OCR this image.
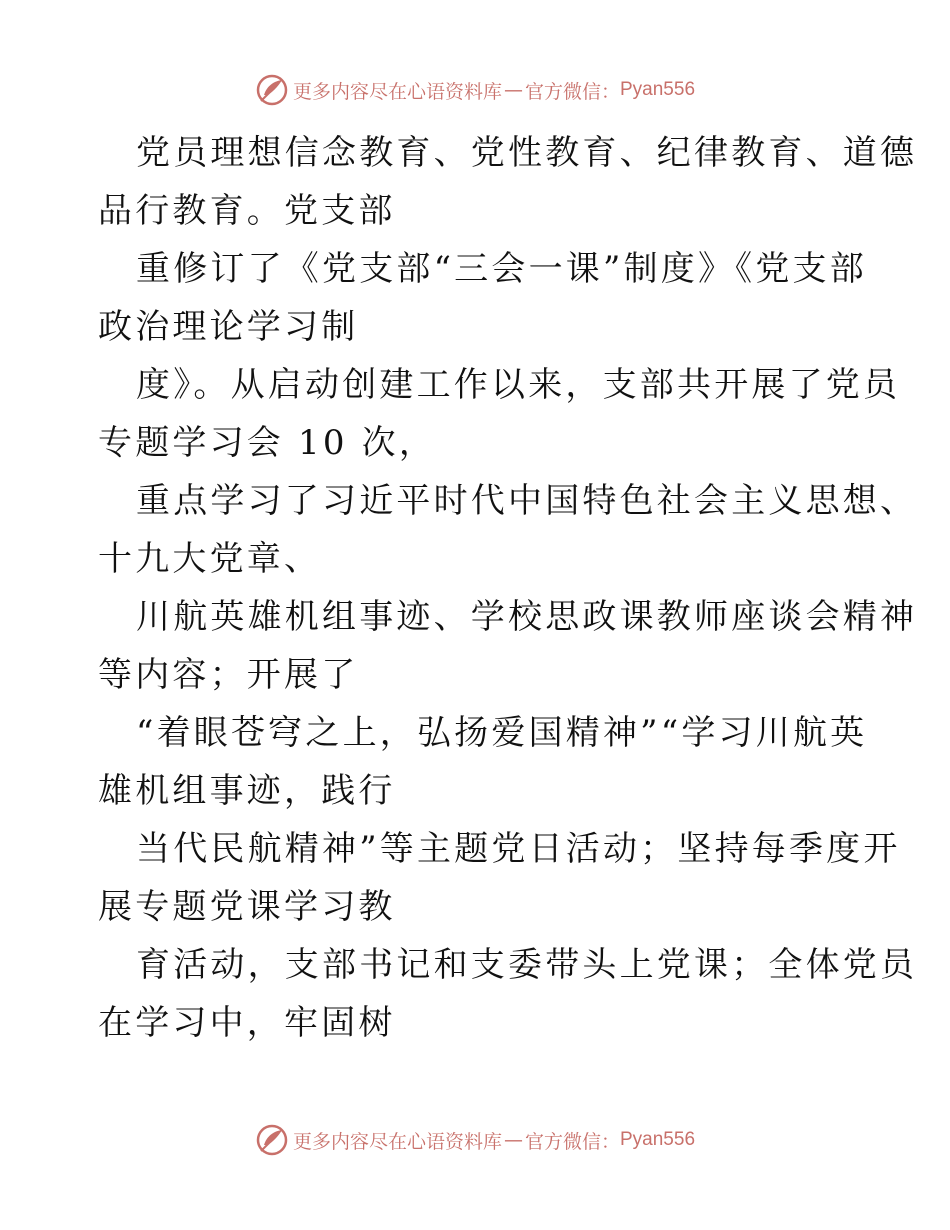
更多内容尽在心语资料库 — 官方微信： Pyan556

党员理想信念教育、党性教育、纪律教育、道德

品行教育。党支部

重修订了《党支部“三会一课”制度》《党支部

政治理论学习制

度》。从启动创建工作以来，支部共开展了党员

专题学习会 10 次，

重点学习了习近平时代中国特色社会主义思想、

十九大党章、

川航英雄机组事迹、学校思政课教师座谈会精神

等内容；开展了

“着眼苍穹之上，弘扬爱国精神”“学习川航英

雄机组事迹，践行

当代民航精神”等主题党日活动；坚持每季度开

展专题党课学习教

育活动，支部书记和支委带头上党课；全体党员

在学习中，牢固树

更多内容尽在心语资料库 — 官方微信： Pyan556
